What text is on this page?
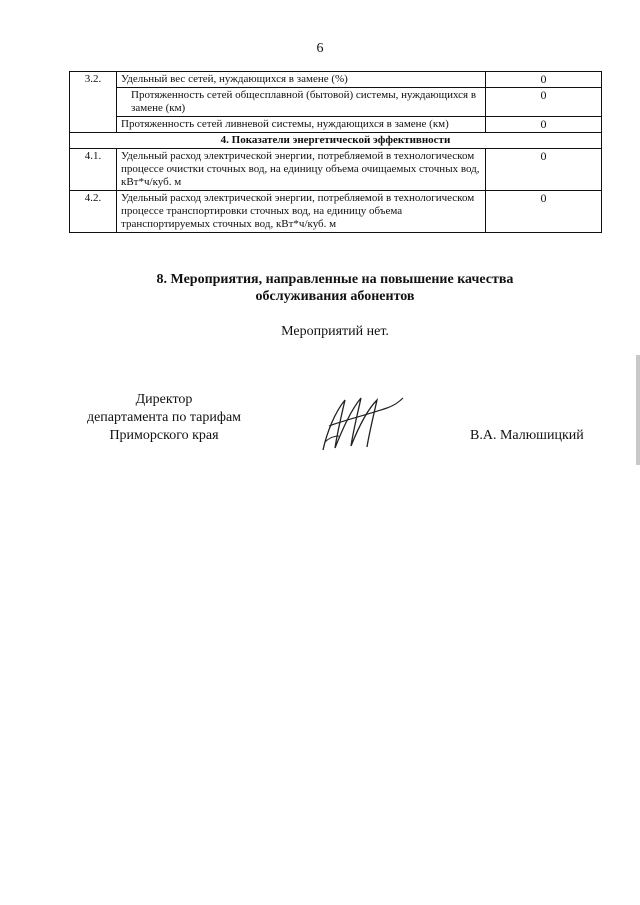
6
3.2.	Удельный вес сетей, нуждающихся в замене (%)	0
	Протяженность сетей общесплавной (бытовой) системы, нуждающихся в замене (км)	0
	Протяженность сетей ливневой системы, нуждающихся в замене (км)	0
4. Показатели энергетической эффективности		
4.1.	Удельный расход электрической энергии, потребляемой в технологическом процессе очистки сточных вод, на единицу объема очищаемых сточных вод, кВт*ч/куб. м	0
4.2.	Удельный расход электрической энергии, потребляемой в технологическом процессе транспортировки сточных вод, на единицу объема транспортируемых сточных вод, кВт*ч/куб. м	0
8. Мероприятия, направленные на повышение качества
обслуживания абонентов
Мероприятий нет.
Директор
департамента по тарифам
Приморского края	В.А. Малюшицкий
